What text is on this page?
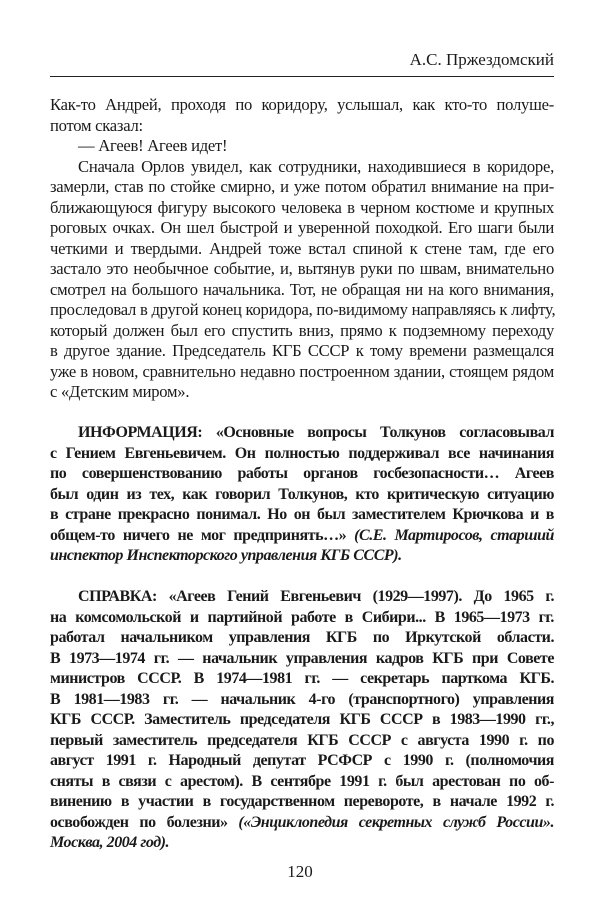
А.С. Пржездомский
Как-то Андрей, проходя по коридору, услышал, как кто-то полуше-
потом сказал:
— Агеев! Агеев идет!
Сначала Орлов увидел, как сотрудники, находившиеся в коридоре,
замерли, став по стойке смирно, и уже потом обратил внимание на при-
ближающуюся фигуру высокого человека в черном костюме и крупных
роговых очках. Он шел быстрой и уверенной походкой. Его шаги были
четкими и твердыми. Андрей тоже встал спиной к стене там, где его
застало это необычное событие, и, вытянув руки по швам, внимательно
смотрел на большого начальника. Тот, не обращая ни на кого внимания,
проследовал в другой конец коридора, по-видимому направляясь к лифту,
который должен был его спустить вниз, прямо к подземному переходу
в другое здание. Председатель КГБ СССР к тому времени размещался
уже в новом, сравнительно недавно построенном здании, стоящем рядом
с «Детским миром».
ИНФОРМАЦИЯ: «Основные вопросы Толкунов согласовывал
с Гением Евгеньевичем. Он полностью поддерживал все начинания
по совершенствованию работы органов госбезопасности… Агеев
был один из тех, как говорил Толкунов, кто критическую ситуацию
в стране прекрасно понимал. Но он был заместителем Крючкова и в
общем-то ничего не мог предпринять…» (С.Е. Мартиросов, старший
инспектор Инспекторского управления КГБ СССР).
СПРАВКА: «Агеев Гений Евгеньевич (1929—1997). До 1965 г.
на комсомольской и партийной работе в Сибири... В 1965—1973 гг.
работал начальником управления КГБ по Иркутской области.
В 1973—1974 гг. — начальник управления кадров КГБ при Совете
министров СССР. В 1974—1981 гг. — секретарь парткома КГБ.
В 1981—1983 гг. — начальник 4-го (транспортного) управления
КГБ СССР. Заместитель председателя КГБ СССР в 1983—1990 гг.,
первый заместитель председателя КГБ СССР с августа 1990 г. по
август 1991 г. Народный депутат РСФСР с 1990 г. (полномочия
сняты в связи с арестом). В сентябре 1991 г. был арестован по об-
винению в участии в государственном перевороте, в начале 1992 г.
освобожден по болезни» («Энциклопедия секретных служб России».
Москва, 2004 год).
120
